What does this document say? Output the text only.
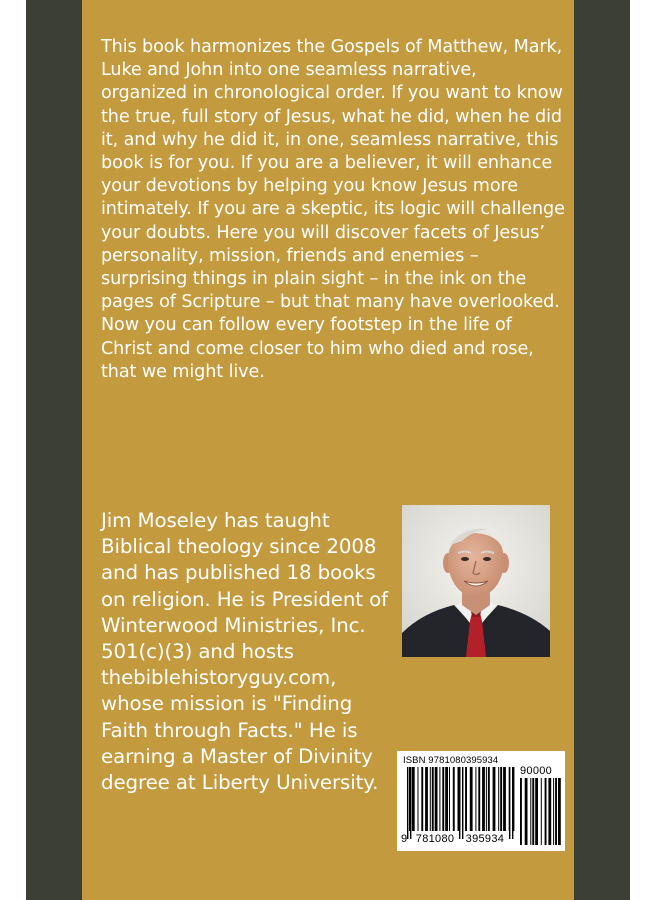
This book harmonizes the Gospels of Matthew, Mark, Luke and John into one seamless narrative, organized in chronological order. If you want to know the true, full story of Jesus, what he did, when he did it, and why he did it, in one, seamless narrative, this book is for you. If you are a believer, it will enhance your devotions by helping you know Jesus more intimately. If you are a skeptic, its logic will challenge your doubts. Here you will discover facets of Jesus’ personality, mission, friends and enemies – surprising things in plain sight – in the ink on the pages of Scripture – but that many have overlooked. Now you can follow every footstep in the life of Christ and come closer to him who died and rose, that we might live.

Jim Moseley has taught Biblical theology since 2008 and has published 18 books on religion. He is President of Winterwood Ministries, Inc. 501(c)(3) and hosts thebiblehistoryguy.com, whose mission is "Finding Faith through Facts." He is earning a Master of Divinity degree at Liberty University.

ISBN 9781080395934
90000
9 781080 395934
